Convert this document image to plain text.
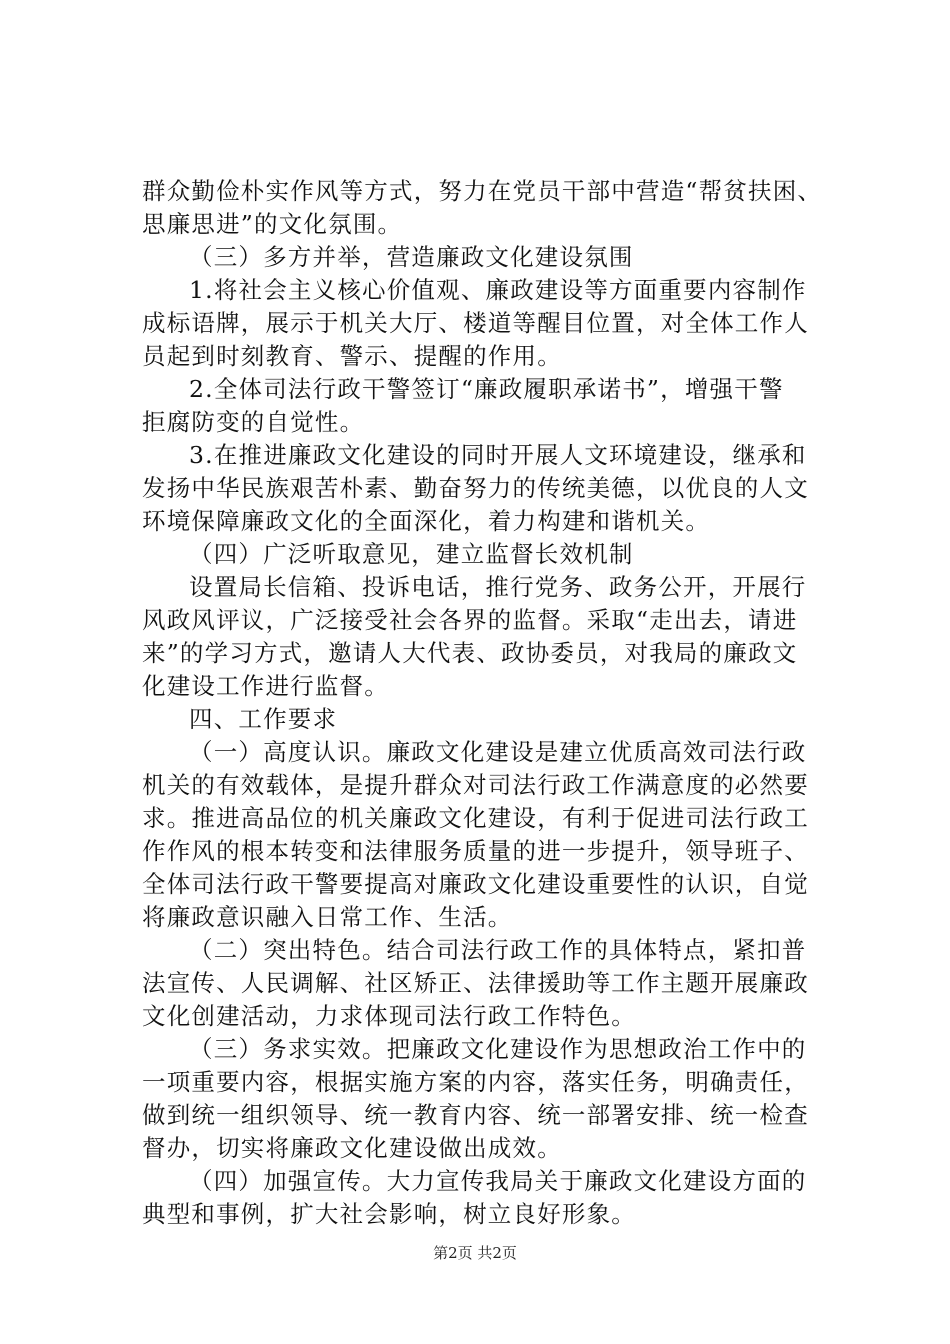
群众勤俭朴实作风等方式，努力在党员干部中营造“帮贫扶困、
思廉思进”的文化氛围。
（三）多方并举，营造廉政文化建设氛围
1.将社会主义核心价值观、廉政建设等方面重要内容制作
成标语牌，展示于机关大厅、楼道等醒目位置，对全体工作人
员起到时刻教育、警示、提醒的作用。
2.全体司法行政干警签订“廉政履职承诺书”，增强干警
拒腐防变的自觉性。
3.在推进廉政文化建设的同时开展人文环境建设，继承和
发扬中华民族艰苦朴素、勤奋努力的传统美德，以优良的人文
环境保障廉政文化的全面深化，着力构建和谐机关。
（四）广泛听取意见，建立监督长效机制
设置局长信箱、投诉电话，推行党务、政务公开，开展行
风政风评议，广泛接受社会各界的监督。采取“走出去，请进
来”的学习方式，邀请人大代表、政协委员，对我局的廉政文
化建设工作进行监督。
四、工作要求
（一）高度认识。廉政文化建设是建立优质高效司法行政
机关的有效载体，是提升群众对司法行政工作满意度的必然要
求。推进高品位的机关廉政文化建设，有利于促进司法行政工
作作风的根本转变和法律服务质量的进一步提升，领导班子、
全体司法行政干警要提高对廉政文化建设重要性的认识，自觉
将廉政意识融入日常工作、生活。
（二）突出特色。结合司法行政工作的具体特点，紧扣普
法宣传、人民调解、社区矫正、法律援助等工作主题开展廉政
文化创建活动，力求体现司法行政工作特色。
（三）务求实效。把廉政文化建设作为思想政治工作中的
一项重要内容，根据实施方案的内容，落实任务，明确责任，
做到统一组织领导、统一教育内容、统一部署安排、统一检查
督办，切实将廉政文化建设做出成效。
（四）加强宣传。大力宣传我局关于廉政文化建设方面的
典型和事例，扩大社会影响，树立良好形象。
第2页 共2页
